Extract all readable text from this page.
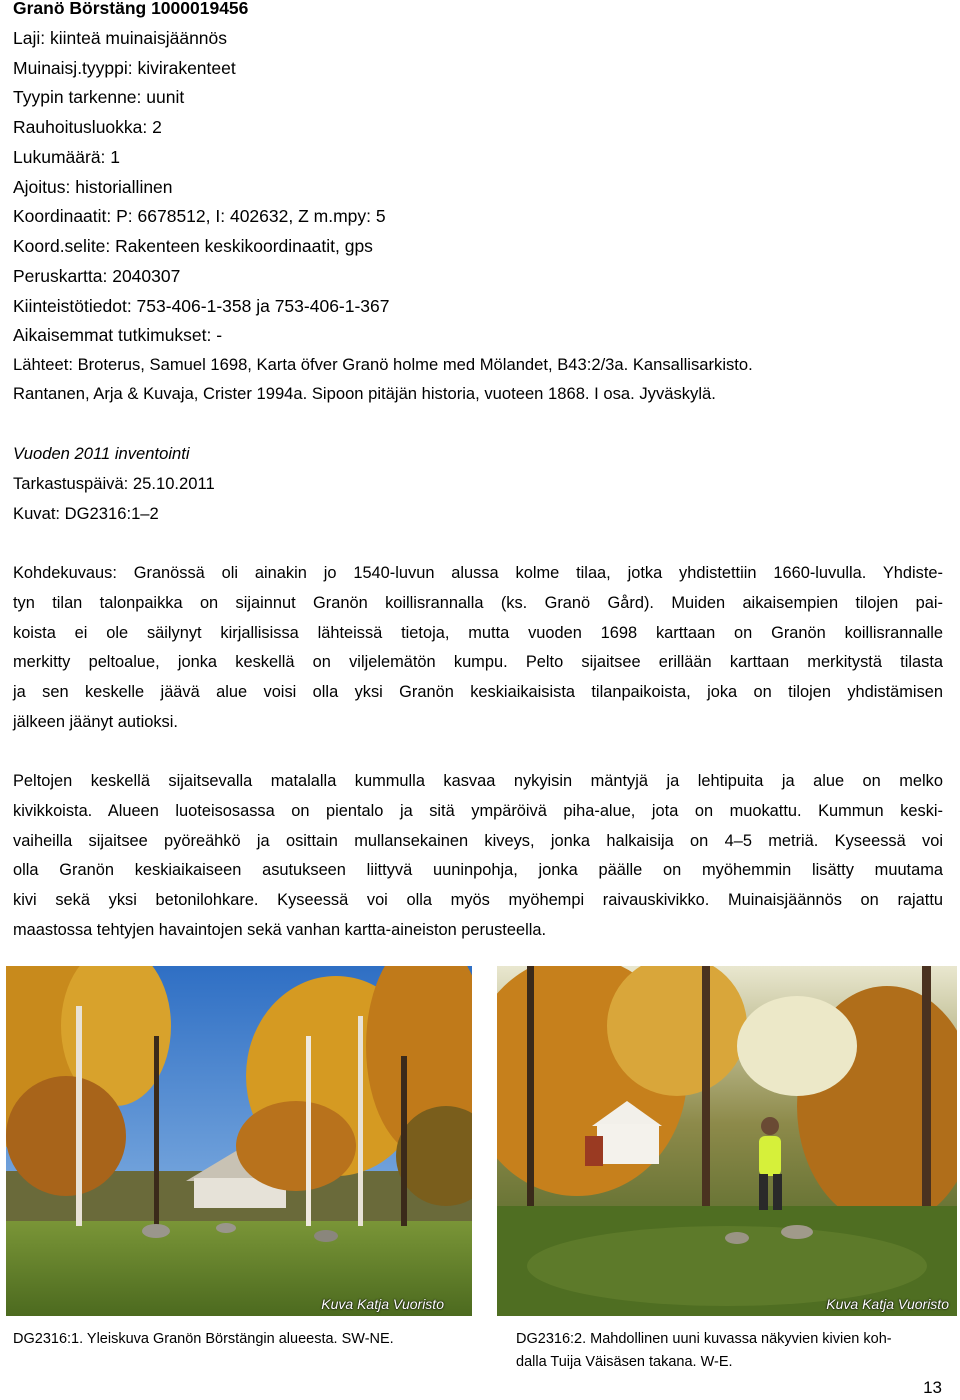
Granö Börstäng 1000019456
Laji: kiinteä muinaisjäännös
Muinaisj.tyyppi: kivirakenteet
Tyypin tarkenne: uunit
Rauhoitusluokka: 2
Lukumäärä: 1
Ajoitus: historiallinen
Koordinaatit: P: 6678512, I: 402632, Z m.mpy: 5
Koord.selite: Rakenteen keskikoordinaatit, gps
Peruskartta: 2040307
Kiinteistötiedot: 753-406-1-358 ja 753-406-1-367
Aikaisemmat tutkimukset: -
Lähteet: Broterus, Samuel 1698, Karta öfver Granö holme med Mölandet, B43:2/3a. Kansallisarkisto.
Rantanen, Arja & Kuvaja, Crister 1994a. Sipoon pitäjän historia, vuoteen 1868. I osa. Jyväskylä.
Vuoden 2011 inventointi
Tarkastuspäivä: 25.10.2011
Kuvat: DG2316:1–2
Kohdekuvaus: Granössä oli ainakin jo 1540-luvun alussa kolme tilaa, jotka yhdistettiin 1660-luvulla. Yhdiste-
tyn tilan talonpaikka on sijainnut Granön koillisrannalla (ks. Granö Gård). Muiden aikaisempien tilojen pai-
koista ei ole säilynyt kirjallisissa lähteissä tietoja, mutta vuoden 1698 karttaan on Granön koillisrannalle
merkitty peltoalue, jonka keskellä on viljelemätön kumpu. Pelto sijaitsee erillään karttaan merkitystä tilasta
ja sen keskelle jäävä alue voisi olla yksi Granön keskiaikaisista tilanpaikoista, joka on tilojen yhdistämisen
jälkeen jäänyt autioksi.
Peltojen keskellä sijaitsevalla matalalla kummulla kasvaa nykyisin mäntyjä ja lehtipuita ja alue on melko
kivikkoista. Alueen luoteisosassa on pientalo ja sitä ympäröivä piha-alue, jota on muokattu. Kummun keski-
vaiheilla sijaitsee pyöreähkö ja osittain mullansekainen kiveys, jonka halkaisija on 4–5 metriä. Kyseessä voi
olla Granön keskiaikaiseen asutukseen liittyvä uuninpohja, jonka päälle on myöhemmin lisätty muutama
kivi sekä yksi betonilohkare. Kyseessä voi olla myös myöhempi raivauskivikko. Muinaisjäännös on rajattu
maastossa tehtyjen havaintojen sekä vanhan kartta-aineiston perusteella.
Kuva Katja Vuoristo	Kuva Katja Vuoristo
DG2316:1. Yleiskuva Granön Börstängin alueesta. SW-NE.	DG2316:2. Mahdollinen uuni kuvassa näkyvien kivien koh-
dalla Tuija Väisäsen takana. W-E.
13
